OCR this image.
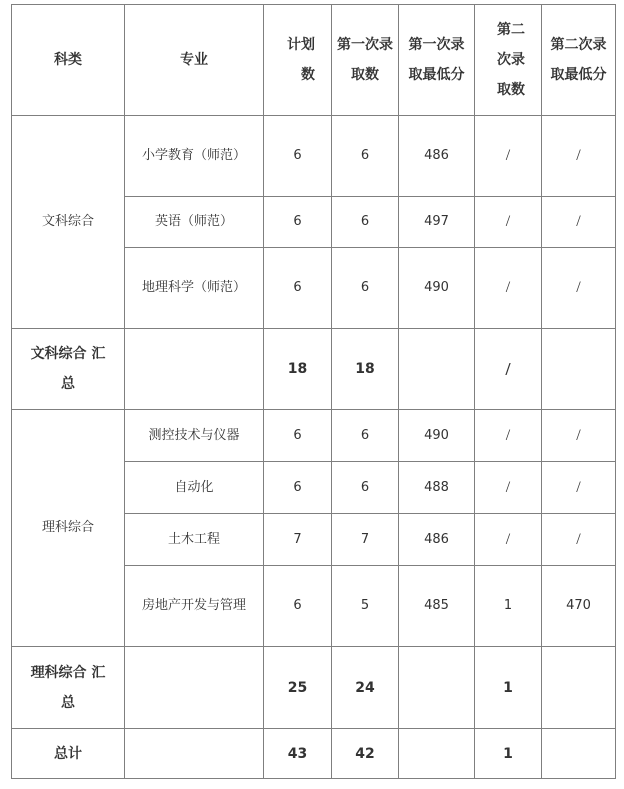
科类	专业	计划数	第一次录取数	第一次录取最低分	第二次录取数	第二次录取最低分
文科综合	小学教育（师范）	6	6	486	/	/
	英语（师范）	6	6	497	/	/
	地理科学（师范）	6	6	490	/	/
文科综合 汇总		18	18		/	
理科综合	测控技术与仪器	6	6	490	/	/
	自动化	6	6	488	/	/
	土木工程	7	7	486	/	/
	房地产开发与管理	6	5	485	1	470
理科综合 汇总		25	24		1	
总计		43	42		1	
